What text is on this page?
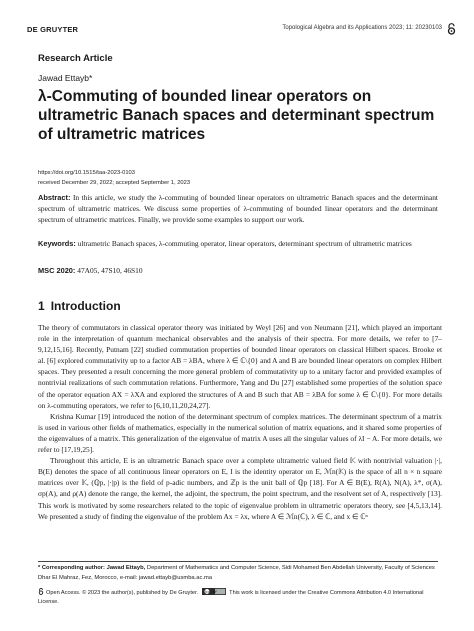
DE GRUYTER	Topological Algebra and its Applications 2023; 11: 20230103
Research Article
Jawad Ettayb*
λ-Commuting of bounded linear operators on ultrametric Banach spaces and determinant spectrum of ultrametric matrices
https://doi.org/10.1515/taa-2023-0103
received December 29, 2022; accepted September 1, 2023

Abstract: In this article, we study the λ-commuting of bounded linear operators on ultrametric Banach spaces and the determinant spectrum of ultrametric matrices. We discuss some properties of λ-commuting of bounded linear operators and the determinant spectrum of ultrametric matrices. Finally, we provide some examples to support our work.

Keywords: ultrametric Banach spaces, λ-commuting operator, linear operators, determinant spectrum of ultrametric matrices

MSC 2020: 47A05, 47S10, 46S10

1 Introduction

The theory of commutators in classical operator theory was initiated by Weyl [26] and von Neumann [21], which played an important role in the interpretation of quantum mechanical observables and the analysis of their spectra. For more details, we refer to [7–9,12,15,16]. Recently, Putnam [22] studied commutation properties of bounded linear operators on classical Hilbert spaces. Brooke et al. [6] explored commutativity up to a factor AB = λBA, where λ ∈ ℂ\{0} and A and B are bounded linear operators on complex Hilbert spaces. They presented a result concerning the more general problem of commutativity up to a unitary factor and provided examples of nontrivial realizations of such commutation relations. Furthermore, Yang and Du [27] established some properties of the solution space of the operator equation AX = λXA and explored the structures of A and B such that AB = λBA for some λ ∈ ℂ\{0}. For more details on λ-commuting operators, we refer to [6,10,11,20,24,27].

Krishna Kumar [19] introduced the notion of the determinant spectrum of complex matrices. The determinant spectrum of a matrix is used in various other fields of mathematics, especially in the numerical solution of matrix equations, and it shared some properties of the eigenvalues of a matrix. This generalization of the eigenvalue of matrix A uses all the singular values of λI − A. For more details, we refer to [17,19,25].

Throughout this article, E is an ultrametric Banach space over a complete ultrametric valued field 𝕂 with nontrivial valuation |·|, B(E) denotes the space of all continuous linear operators on E, I is the identity operator on E, ℳn(𝕂) is the space of all n × n square matrices over 𝕂, (ℚp, |·|p) is the field of p-adic numbers, and ℤp is the unit ball of ℚp [18]. For A ∈ B(E), R(A), N(A), λ*, σ(A), σp(A), and ρ(A) denote the range, the kernel, the adjoint, the spectrum, the point spectrum, and the resolvent set of A, respectively [13]. This work is motivated by some researchers related to the topic of eigenvalue problem in ultrametric operators theory, see [4,5,13,14]. We presented a study of finding the eigenvalue of the problem Ax = λx, where A ∈ ℳn(ℂ), λ ∈ ℂ, and x ∈ ℂⁿ

* Corresponding author: Jawad Ettayb, Department of Mathematics and Computer Science, Sidi Mohamed Ben Abdellah University, Faculty of Sciences Dhar El Mahraz, Fez, Morocco, e-mail: jawad.ettayb@usmba.ac.ma

Open Access. © 2023 the author(s), published by De Gruyter. (cc) BY This work is licensed under the Creative Commons Attribution 4.0 International License.
